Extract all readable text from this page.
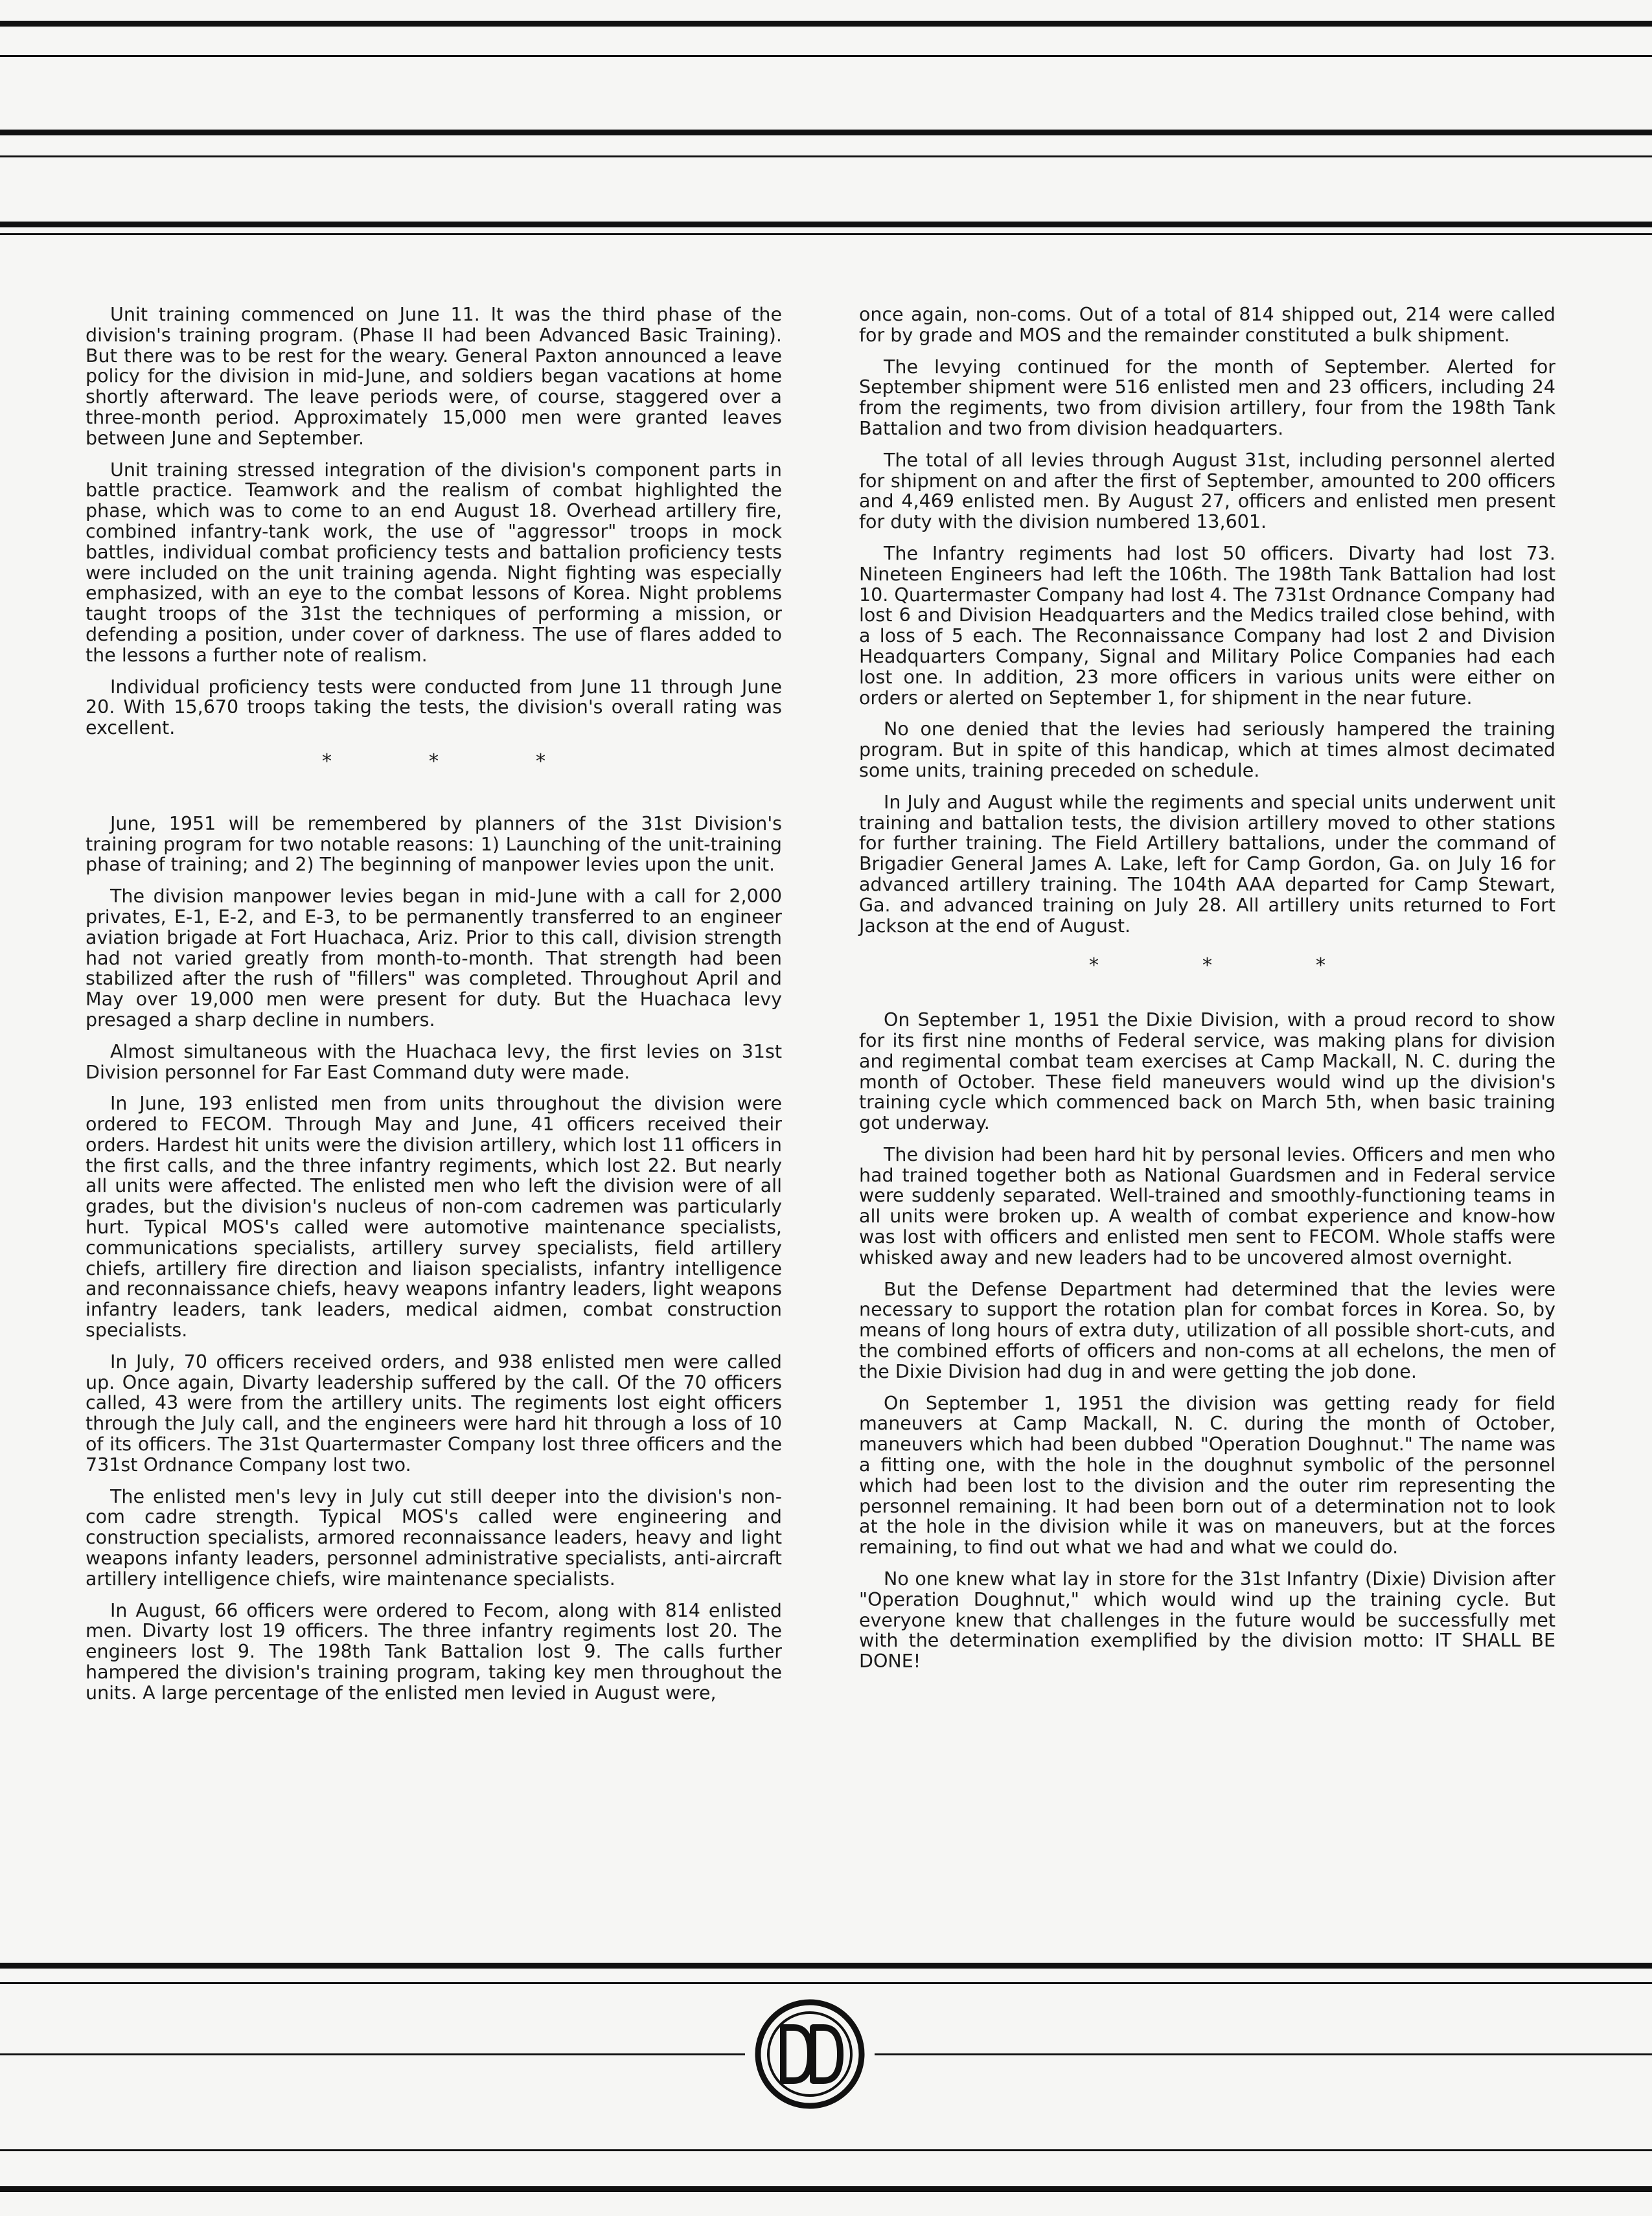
Unit training commenced on June 11. It was the third phase of the division's training program. (Phase II had been Advanced Basic Training). But there was to be rest for the weary. General Paxton announced a leave policy for the division in mid-June, and soldiers began vacations at home shortly afterward. The leave periods were, of course, staggered over a three-month period. Approximately 15,000 men were granted leaves between June and September.

Unit training stressed integration of the division's component parts in battle practice. Teamwork and the realism of combat highlighted the phase, which was to come to an end August 18. Overhead artillery fire, combined infantry-tank work, the use of "aggressor" troops in mock battles, individual combat proficiency tests and battalion proficiency tests were included on the unit training agenda. Night fighting was especially emphasized, with an eye to the combat lessons of Korea. Night problems taught troops of the 31st the techniques of performing a mission, or defending a position, under cover of darkness. The use of flares added to the lessons a further note of realism.

Individual proficiency tests were conducted from June 11 through June 20. With 15,670 troops taking the tests, the division's overall rating was excellent.

*	*	*

June, 1951 will be remembered by planners of the 31st Division's training program for two notable reasons: 1) Launching of the unit-training phase of training; and 2) The beginning of manpower levies upon the unit.

The division manpower levies began in mid-June with a call for 2,000 privates, E-1, E-2, and E-3, to be permanently transferred to an engineer aviation brigade at Fort Huachaca, Ariz. Prior to this call, division strength had not varied greatly from month-to-month. That strength had been stabilized after the rush of "fillers" was completed. Throughout April and May over 19,000 men were present for duty. But the Huachaca levy presaged a sharp decline in numbers.

Almost simultaneous with the Huachaca levy, the first levies on 31st Division personnel for Far East Command duty were made.

In June, 193 enlisted men from units throughout the division were ordered to FECOM. Through May and June, 41 officers received their orders. Hardest hit units were the division artillery, which lost 11 officers in the first calls, and the three infantry regiments, which lost 22. But nearly all units were affected. The enlisted men who left the division were of all grades, but the division's nucleus of non-com cadremen was particularly hurt. Typical MOS's called were automotive maintenance specialists, communications specialists, artillery survey specialists, field artillery chiefs, artillery fire direction and liaison specialists, infantry intelligence and reconnaissance chiefs, heavy weapons infantry leaders, light weapons infantry leaders, tank leaders, medical aidmen, combat construction specialists.

In July, 70 officers received orders, and 938 enlisted men were called up. Once again, Divarty leadership suffered by the call. Of the 70 officers called, 43 were from the artillery units. The regiments lost eight officers through the July call, and the engineers were hard hit through a loss of 10 of its officers. The 31st Quartermaster Company lost three officers and the 731st Ordnance Company lost two.

The enlisted men's levy in July cut still deeper into the division's non-com cadre strength. Typical MOS's called were engineering and construction specialists, armored reconnaissance leaders, heavy and light weapons infanty leaders, personnel administrative specialists, anti-aircraft artillery intelligence chiefs, wire maintenance specialists.

In August, 66 officers were ordered to Fecom, along with 814 enlisted men. Divarty lost 19 officers. The three infantry regiments lost 20. The engineers lost 9. The 198th Tank Battalion lost 9. The calls further hampered the division's training program, taking key men throughout the units. A large percentage of the enlisted men levied in August were,

once again, non-coms. Out of a total of 814 shipped out, 214 were called for by grade and MOS and the remainder constituted a bulk shipment.

The levying continued for the month of September. Alerted for September shipment were 516 enlisted men and 23 officers, including 24 from the regiments, two from division artillery, four from the 198th Tank Battalion and two from division headquarters.

The total of all levies through August 31st, including personnel alerted for shipment on and after the first of September, amounted to 200 officers and 4,469 enlisted men. By August 27, officers and enlisted men present for duty with the division numbered 13,601.

The Infantry regiments had lost 50 officers. Divarty had lost 73. Nineteen Engineers had left the 106th. The 198th Tank Battalion had lost 10. Quartermaster Company had lost 4. The 731st Ordnance Company had lost 6 and Division Headquarters and the Medics trailed close behind, with a loss of 5 each. The Reconnaissance Company had lost 2 and Division Headquarters Company, Signal and Military Police Companies had each lost one. In addition, 23 more officers in various units were either on orders or alerted on September 1, for shipment in the near future.

No one denied that the levies had seriously hampered the training program. But in spite of this handicap, which at times almost decimated some units, training preceded on schedule.

In July and August while the regiments and special units underwent unit training and battalion tests, the division artillery moved to other stations for further training. The Field Artillery battalions, under the command of Brigadier General James A. Lake, left for Camp Gordon, Ga. on July 16 for advanced artillery training. The 104th AAA departed for Camp Stewart, Ga. and advanced training on July 28. All artillery units returned to Fort Jackson at the end of August.

*	*	*

On September 1, 1951 the Dixie Division, with a proud record to show for its first nine months of Federal service, was making plans for division and regimental combat team exercises at Camp Mackall, N. C. during the month of October. These field maneuvers would wind up the division's training cycle which commenced back on March 5th, when basic training got underway.

The division had been hard hit by personal levies. Officers and men who had trained together both as National Guardsmen and in Federal service were suddenly separated. Well-trained and smoothly-functioning teams in all units were broken up. A wealth of combat experience and know-how was lost with officers and enlisted men sent to FECOM. Whole staffs were whisked away and new leaders had to be uncovered almost overnight.

But the Defense Department had determined that the levies were necessary to support the rotation plan for combat forces in Korea. So, by means of long hours of extra duty, utilization of all possible short-cuts, and the combined efforts of officers and non-coms at all echelons, the men of the Dixie Division had dug in and were getting the job done.

On September 1, 1951 the division was getting ready for field maneuvers at Camp Mackall, N. C. during the month of October, maneuvers which had been dubbed "Operation Doughnut." The name was a fitting one, with the hole in the doughnut symbolic of the personnel which had been lost to the division and the outer rim representing the personnel remaining. It had been born out of a determination not to look at the hole in the division while it was on maneuvers, but at the forces remaining, to find out what we had and what we could do.

No one knew what lay in store for the 31st Infantry (Dixie) Division after "Operation Doughnut," which would wind up the training cycle. But everyone knew that challenges in the future would be successfully met with the determination exemplified by the division motto: IT SHALL BE DONE!
